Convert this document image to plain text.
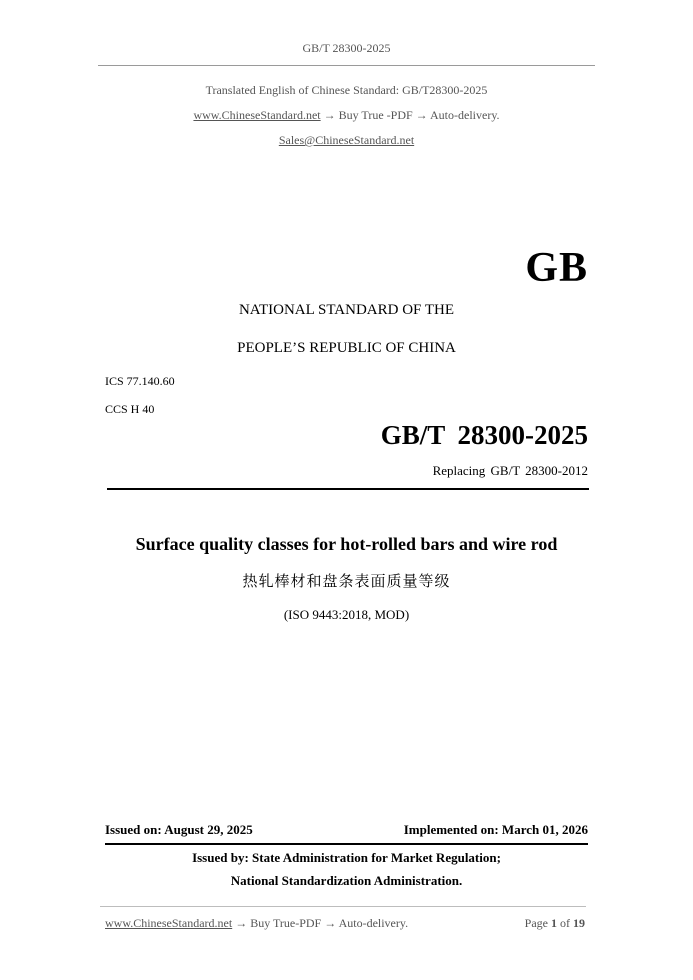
GB/T 28300-2025
Translated English of Chinese Standard: GB/T28300-2025
www.ChineseStandard.net → Buy True -PDF → Auto-delivery.
Sales@ChineseStandard.net
GB
NATIONAL STANDARD OF THE
PEOPLE’S REPUBLIC OF CHINA
ICS 77.140.60
CCS H 40
GB/T 28300-2025
Replacing GB/T 28300-2012
Surface quality classes for hot-rolled bars and wire rod
热轧棒材和盘条表面质量等级
(ISO 9443:2018, MOD)
Issued on: August 29, 2025	Implemented on: March 01, 2026
Issued by: State Administration for Market Regulation;
National Standardization Administration.
www.ChineseStandard.net → Buy True-PDF → Auto-delivery.	Page 1 of 19
